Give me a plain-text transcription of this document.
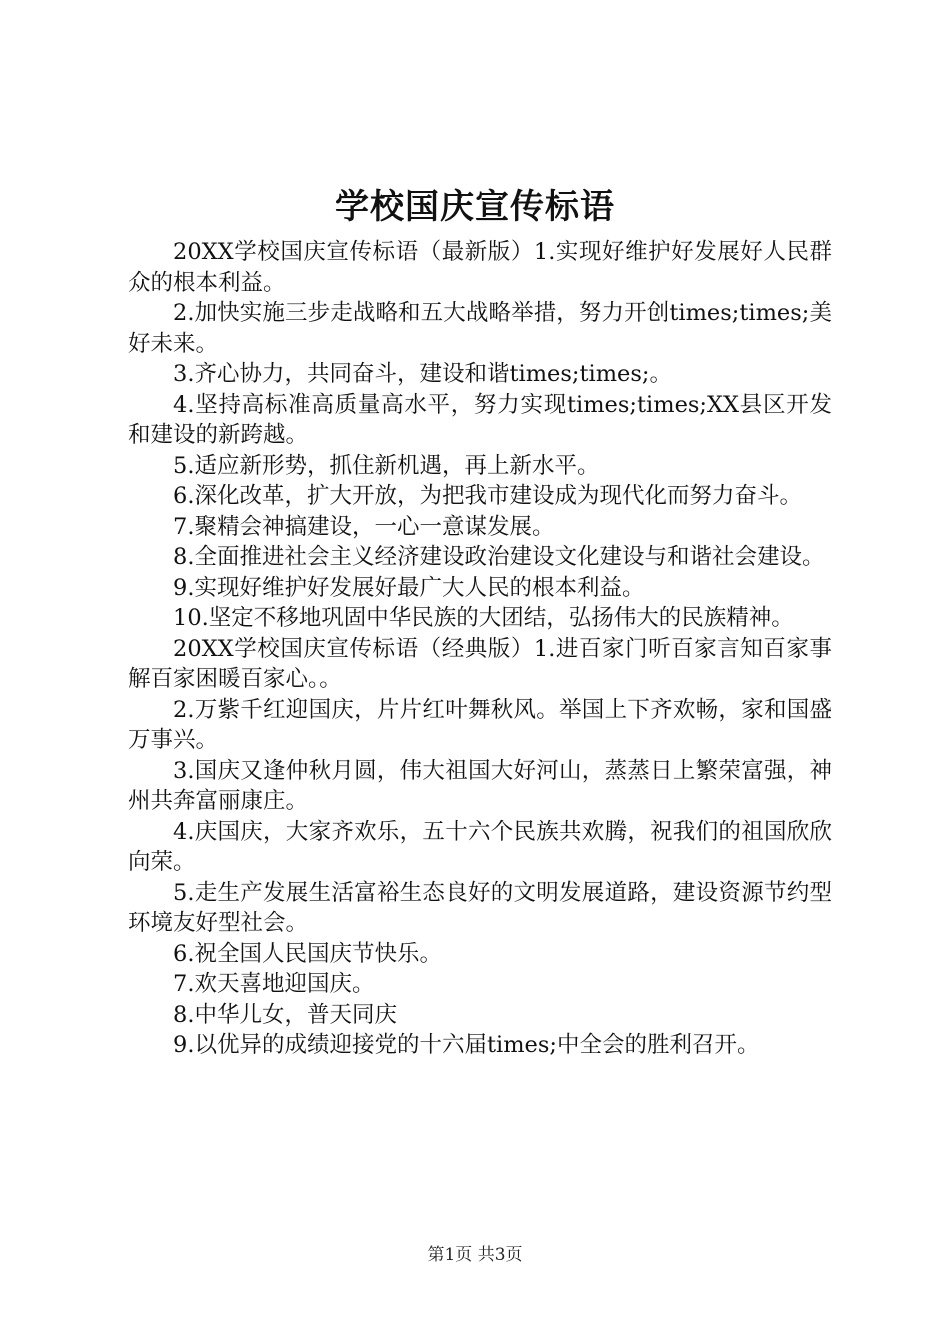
学校国庆宣传标语

20XX学校国庆宣传标语（最新版）1.实现好维护好发展好人民群众的根本利益。

2.加快实施三步走战略和五大战略举措，努力开创times;times;美好未来。

3.齐心协力，共同奋斗，建设和谐times;times;。

4.坚持高标准高质量高水平，努力实现times;times;XX县区开发和建设的新跨越。

5.适应新形势，抓住新机遇，再上新水平。

6.深化改革，扩大开放，为把我市建设成为现代化而努力奋斗。

7.聚精会神搞建设，一心一意谋发展。

8.全面推进社会主义经济建设政治建设文化建设与和谐社会建设。

9.实现好维护好发展好最广大人民的根本利益。

10.坚定不移地巩固中华民族的大团结，弘扬伟大的民族精神。

20XX学校国庆宣传标语（经典版）1.进百家门听百家言知百家事解百家困暖百家心。。

2.万紫千红迎国庆，片片红叶舞秋风。举国上下齐欢畅，家和国盛万事兴。

3.国庆又逢仲秋月圆，伟大祖国大好河山，蒸蒸日上繁荣富强，神州共奔富丽康庄。

4.庆国庆，大家齐欢乐，五十六个民族共欢腾，祝我们的祖国欣欣向荣。

5.走生产发展生活富裕生态良好的文明发展道路，建设资源节约型环境友好型社会。

6.祝全国人民国庆节快乐。

7.欢天喜地迎国庆。

8.中华儿女，普天同庆

9.以优异的成绩迎接党的十六届times;中全会的胜利召开。

第1页 共3页
